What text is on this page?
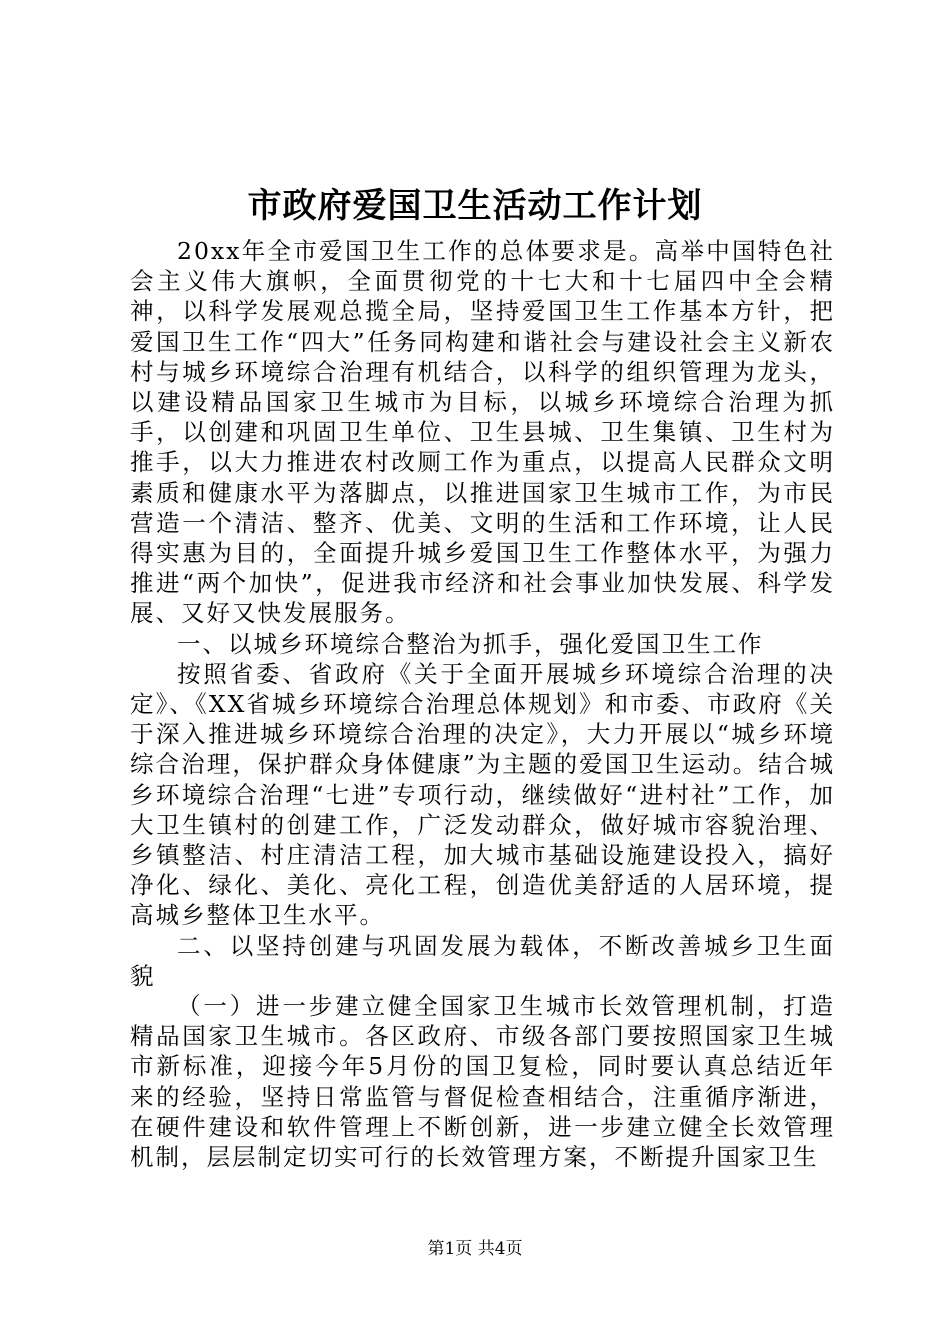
市政府爱国卫生活动工作计划

20xx年全市爱国卫生工作的总体要求是。高举中国特色社会主义伟大旗帜，全面贯彻党的十七大和十七届四中全会精神，以科学发展观总揽全局，坚持爱国卫生工作基本方针，把爱国卫生工作“四大”任务同构建和谐社会与建设社会主义新农村与城乡环境综合治理有机结合，以科学的组织管理为龙头，以建设精品国家卫生城市为目标，以城乡环境综合治理为抓手，以创建和巩固卫生单位、卫生县城、卫生集镇、卫生村为推手，以大力推进农村改厕工作为重点，以提高人民群众文明素质和健康水平为落脚点，以推进国家卫生城市工作，为市民营造一个清洁、整齐、优美、文明的生活和工作环境，让人民得实惠为目的，全面提升城乡爱国卫生工作整体水平，为强力推进“两个加快”，促进我市经济和社会事业加快发展、科学发展、又好又快发展服务。

一、以城乡环境综合整治为抓手，强化爱国卫生工作

按照省委、省政府《关于全面开展城乡环境综合治理的决定》、《XX省城乡环境综合治理总体规划》和市委、市政府《关于深入推进城乡环境综合治理的决定》，大力开展以“城乡环境综合治理，保护群众身体健康”为主题的爱国卫生运动。结合城乡环境综合治理“七进”专项行动，继续做好“进村社”工作，加大卫生镇村的创建工作，广泛发动群众，做好城市容貌治理、乡镇整洁、村庄清洁工程，加大城市基础设施建设投入，搞好净化、绿化、美化、亮化工程，创造优美舒适的人居环境，提高城乡整体卫生水平。

二、以坚持创建与巩固发展为载体，不断改善城乡卫生面貌

（一）进一步建立健全国家卫生城市长效管理机制，打造精品国家卫生城市。各区政府、市级各部门要按照国家卫生城市新标准，迎接今年5月份的国卫复检，同时要认真总结近年来的经验，坚持日常监管与督促检查相结合，注重循序渐进，在硬件建设和软件管理上不断创新，进一步建立健全长效管理机制，层层制定切实可行的长效管理方案，不断提升国家卫生

第1页 共4页
